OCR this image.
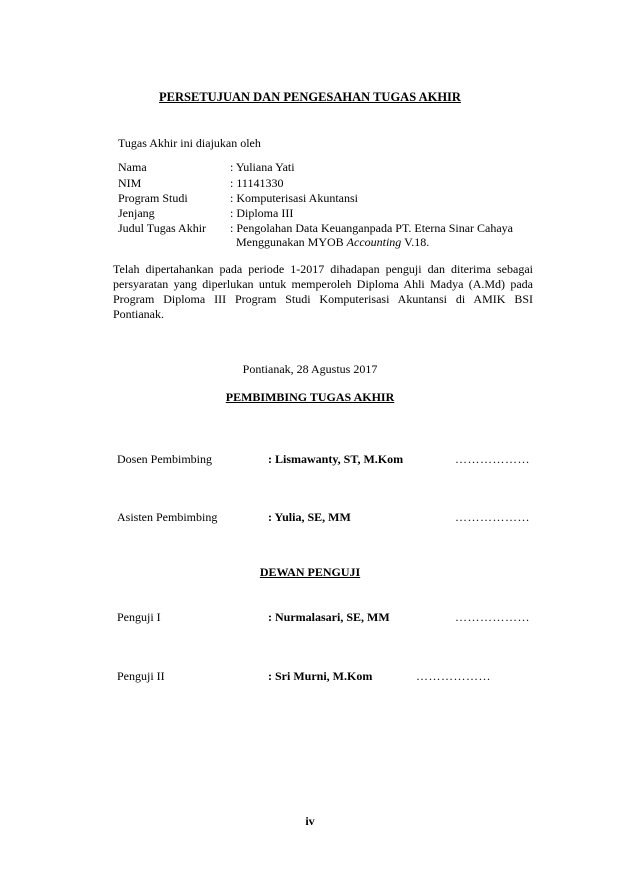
PERSETUJUAN DAN PENGESAHAN TUGAS AKHIR
Tugas Akhir ini diajukan oleh
Nama	: Yuliana Yati
NIM	: 11141330
Program Studi	: Komputerisasi Akuntansi
Jenjang	: Diploma III
Judul Tugas Akhir : Pengolahan Data Keuanganpada PT. Eterna Sinar Cahaya
Menggunakan MYOB Accounting V.18.
Telah dipertahankan pada periode 1-2017 dihadapan penguji dan diterima sebagai persyaratan yang diperlukan untuk memperoleh Diploma Ahli Madya (A.Md) pada Program Diploma III Program Studi Komputerisasi Akuntansi di AMIK BSI Pontianak.
Pontianak, 28 Agustus 2017
PEMBIMBING TUGAS AKHIR
Dosen Pembimbing	: Lismawanty, ST, M.Kom	………………
Asisten Pembimbing	: Yulia, SE, MM	………………
DEWAN PENGUJI
Penguji I	: Nurmalasari, SE, MM	………………
Penguji II	: Sri Murni, M.Kom	………………
iv
